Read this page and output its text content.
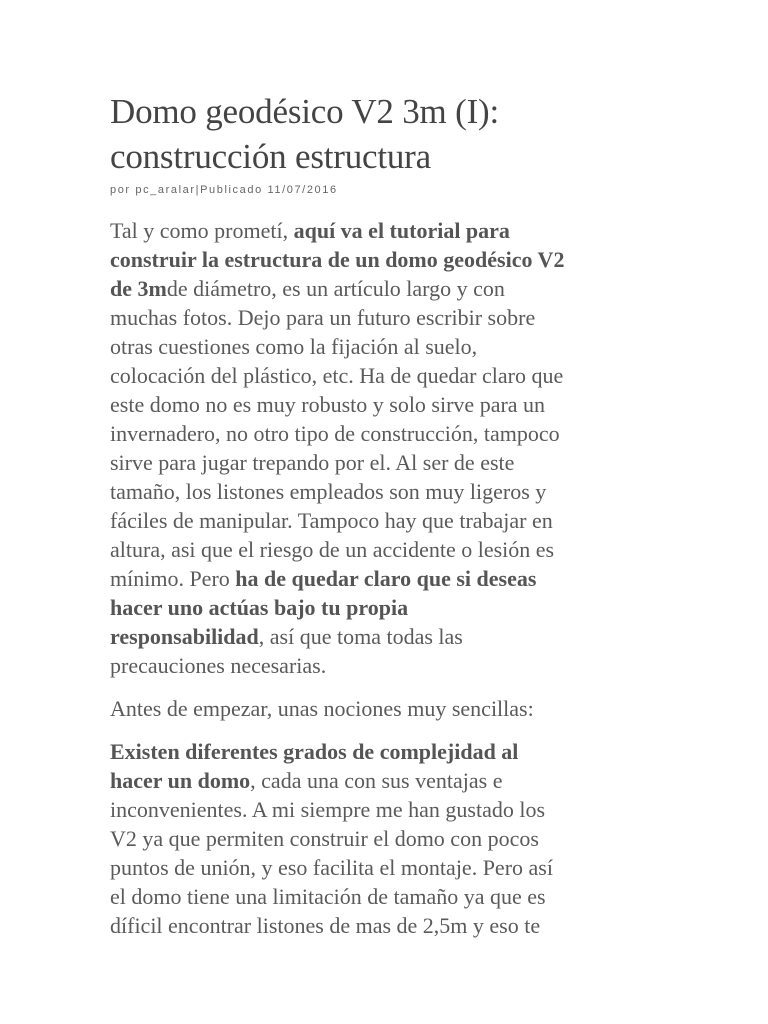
Domo geodésico V2 3m (I):
construcción estructura
por pc_aralar|Publicado 11/07/2016

Tal y como prometí, aquí va el tutorial para
construir la estructura de un domo geodésico V2
de 3mde diámetro, es un artículo largo y con
muchas fotos. Dejo para un futuro escribir sobre
otras cuestiones como la fijación al suelo,
colocación del plástico, etc. Ha de quedar claro que
este domo no es muy robusto y solo sirve para un
invernadero, no otro tipo de construcción, tampoco
sirve para jugar trepando por el. Al ser de este
tamaño, los listones empleados son muy ligeros y
fáciles de manipular. Tampoco hay que trabajar en
altura, asi que el riesgo de un accidente o lesión es
mínimo. Pero ha de quedar claro que si deseas
hacer uno actúas bajo tu propia
responsabilidad, así que toma todas las
precauciones necesarias.

Antes de empezar, unas nociones muy sencillas:

Existen diferentes grados de complejidad al
hacer un domo, cada una con sus ventajas e
inconvenientes. A mi siempre me han gustado los
V2 ya que permiten construir el domo con pocos
puntos de unión, y eso facilita el montaje. Pero así
el domo tiene una limitación de tamaño ya que es
díficil encontrar listones de mas de 2,5m y eso te
